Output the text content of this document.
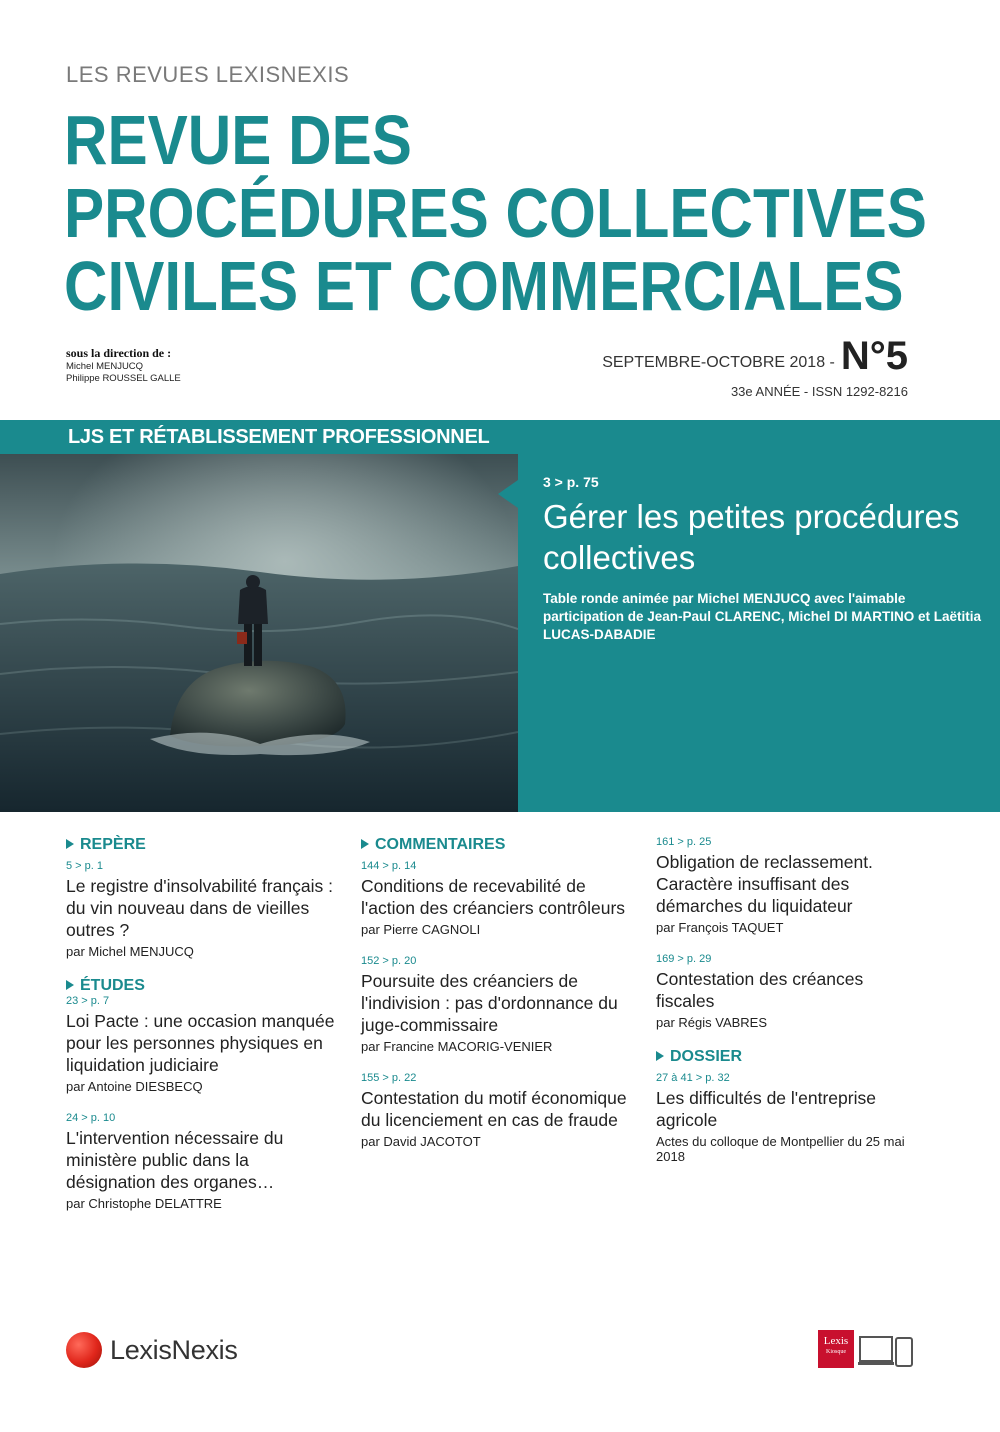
LES REVUES LEXISNEXIS
REVUE DES
PROCÉDURES COLLECTIVES
CIVILES ET COMMERCIALES
sous la direction de :
Michel MENJUCQ
Philippe ROUSSEL GALLE
SEPTEMBRE-OCTOBRE 2018 - N°5
33e ANNÉE - ISSN 1292-8216
LJS ET RÉTABLISSEMENT PROFESSIONNEL
3 > p. 75
Gérer les petites procédures collectives
Table ronde animée par Michel MENJUCQ avec l'aimable participation de Jean-Paul CLARENC, Michel DI MARTINO et Laëtitia LUCAS-DABADIE
REPÈRE
5 > p. 1
Le registre d'insolvabilité français : du vin nouveau dans de vieilles outres ?
par Michel MENJUCQ
ÉTUDES
23 > p. 7
Loi Pacte : une occasion manquée pour les personnes physiques en liquidation judiciaire
par Antoine DIESBECQ
24 > p. 10
L'intervention nécessaire du ministère public dans la désignation des organes…
par Christophe DELATTRE
COMMENTAIRES
144 > p. 14
Conditions de recevabilité de l'action des créanciers contrôleurs
par Pierre CAGNOLI
152 > p. 20
Poursuite des créanciers de l'indivision : pas d'ordonnance du juge-commissaire
par Francine MACORIG-VENIER
155 > p. 22
Contestation du motif économique du licenciement en cas de fraude
par David JACOTOT
161 > p. 25
Obligation de reclassement. Caractère insuffisant des démarches du liquidateur
par François TAQUET
169 > p. 29
Contestation des créances fiscales
par Régis VABRES
DOSSIER
27 à 41 > p. 32
Les difficultés de l'entreprise agricole
Actes du colloque de Montpellier du 25 mai 2018
LexisNexis	Lexis
Kiosque
